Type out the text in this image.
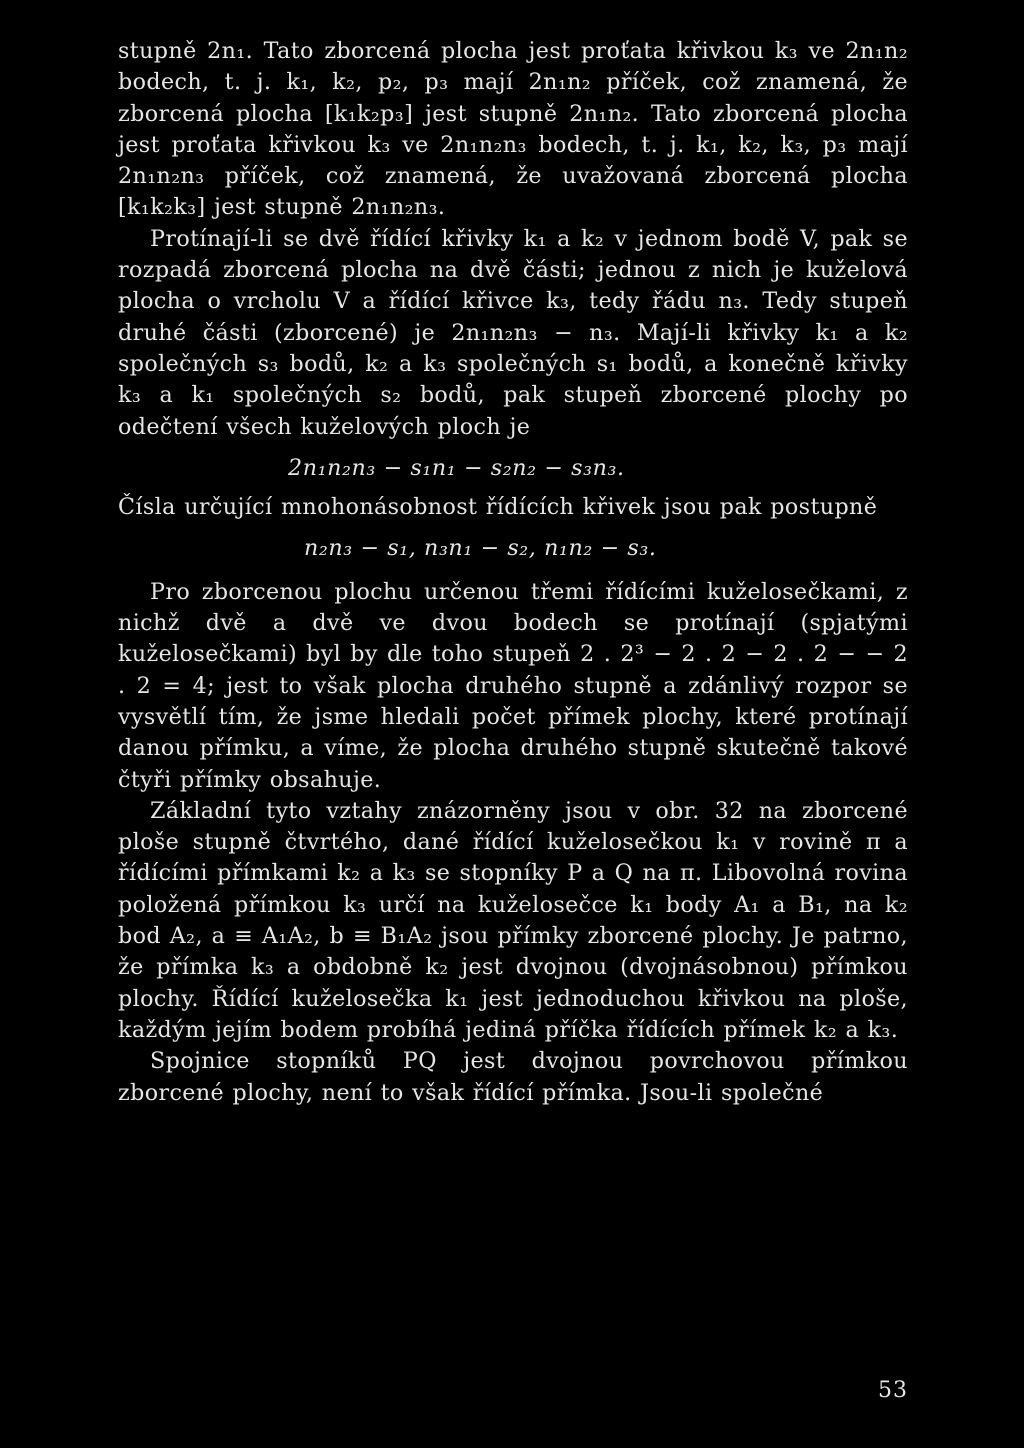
stupně 2n₁. Tato zborcená plocha jest proťata křivkou k₃ ve 2n₁n₂ bodech, t. j. k₁, k₂, p₂, p₃ mají 2n₁n₂ příček, což znamená, že zborcená plocha [k₁k₂p₃] jest stupně 2n₁n₂. Tato zborcená plocha jest proťata křivkou k₃ ve 2n₁n₂n₃ bodech, t. j. k₁, k₂, k₃, p₃ mají 2n₁n₂n₃ příček, což znamená, že uvažovaná zborcená plocha [k₁k₂k₃] jest stupně 2n₁n₂n₃.

Protínají-li se dvě řídící křivky k₁ a k₂ v jednom bodě V, pak se rozpadá zborcená plocha na dvě části; jednou z nich je kuželová plocha o vrcholu V a řídící křivce k₃, tedy řádu n₃. Tedy stupeň druhé části (zborcené) je 2n₁n₂n₃ − n₃. Mají-li křivky k₁ a k₂ společných s₃ bodů, k₂ a k₃ společných s₁ bodů, a konečně křivky k₃ a k₁ společných s₂ bodů, pak stupeň zborcené plochy po odečtení všech kuželových ploch je

2n₁n₂n₃ − s₁n₁ − s₂n₂ − s₃n₃.

Čísla určující mnohonásobnost řídících křivek jsou pak postupně

n₂n₃ − s₁, n₃n₁ − s₂, n₁n₂ − s₃.

Pro zborcenou plochu určenou třemi řídícími kuželosečkami, z nichž dvě a dvě ve dvou bodech se protínají (spjatými kuželosečkami) byl by dle toho stupeň 2 . 2³ − 2 . 2 − 2 . 2 − − 2 . 2 = 4; jest to však plocha druhého stupně a zdánlivý rozpor se vysvětlí tím, že jsme hledali počet přímek plochy, které protínají danou přímku, a víme, že plocha druhého stupně skutečně takové čtyři přímky obsahuje.

Základní tyto vztahy znázorněny jsou v obr. 32 na zborcené ploše stupně čtvrtého, dané řídící kuželosečkou k₁ v rovině π a řídícími přímkami k₂ a k₃ se stopníky P a Q na π. Libovolná rovina položená přímkou k₃ určí na kuželosečce k₁ body A₁ a B₁, na k₂ bod A₂, a ≡ A₁A₂, b ≡ B₁A₂ jsou přímky zborcené plochy. Je patrno, že přímka k₃ a obdobně k₂ jest dvojnou (dvojnásobnou) přímkou plochy. Řídící kuželosečka k₁ jest jednoduchou křivkou na ploše, každým jejím bodem probíhá jediná příčka řídících přímek k₂ a k₃.

Spojnice stopníků PQ jest dvojnou povrchovou přímkou zborcené plochy, není to však řídící přímka. Jsou-li společné

53
